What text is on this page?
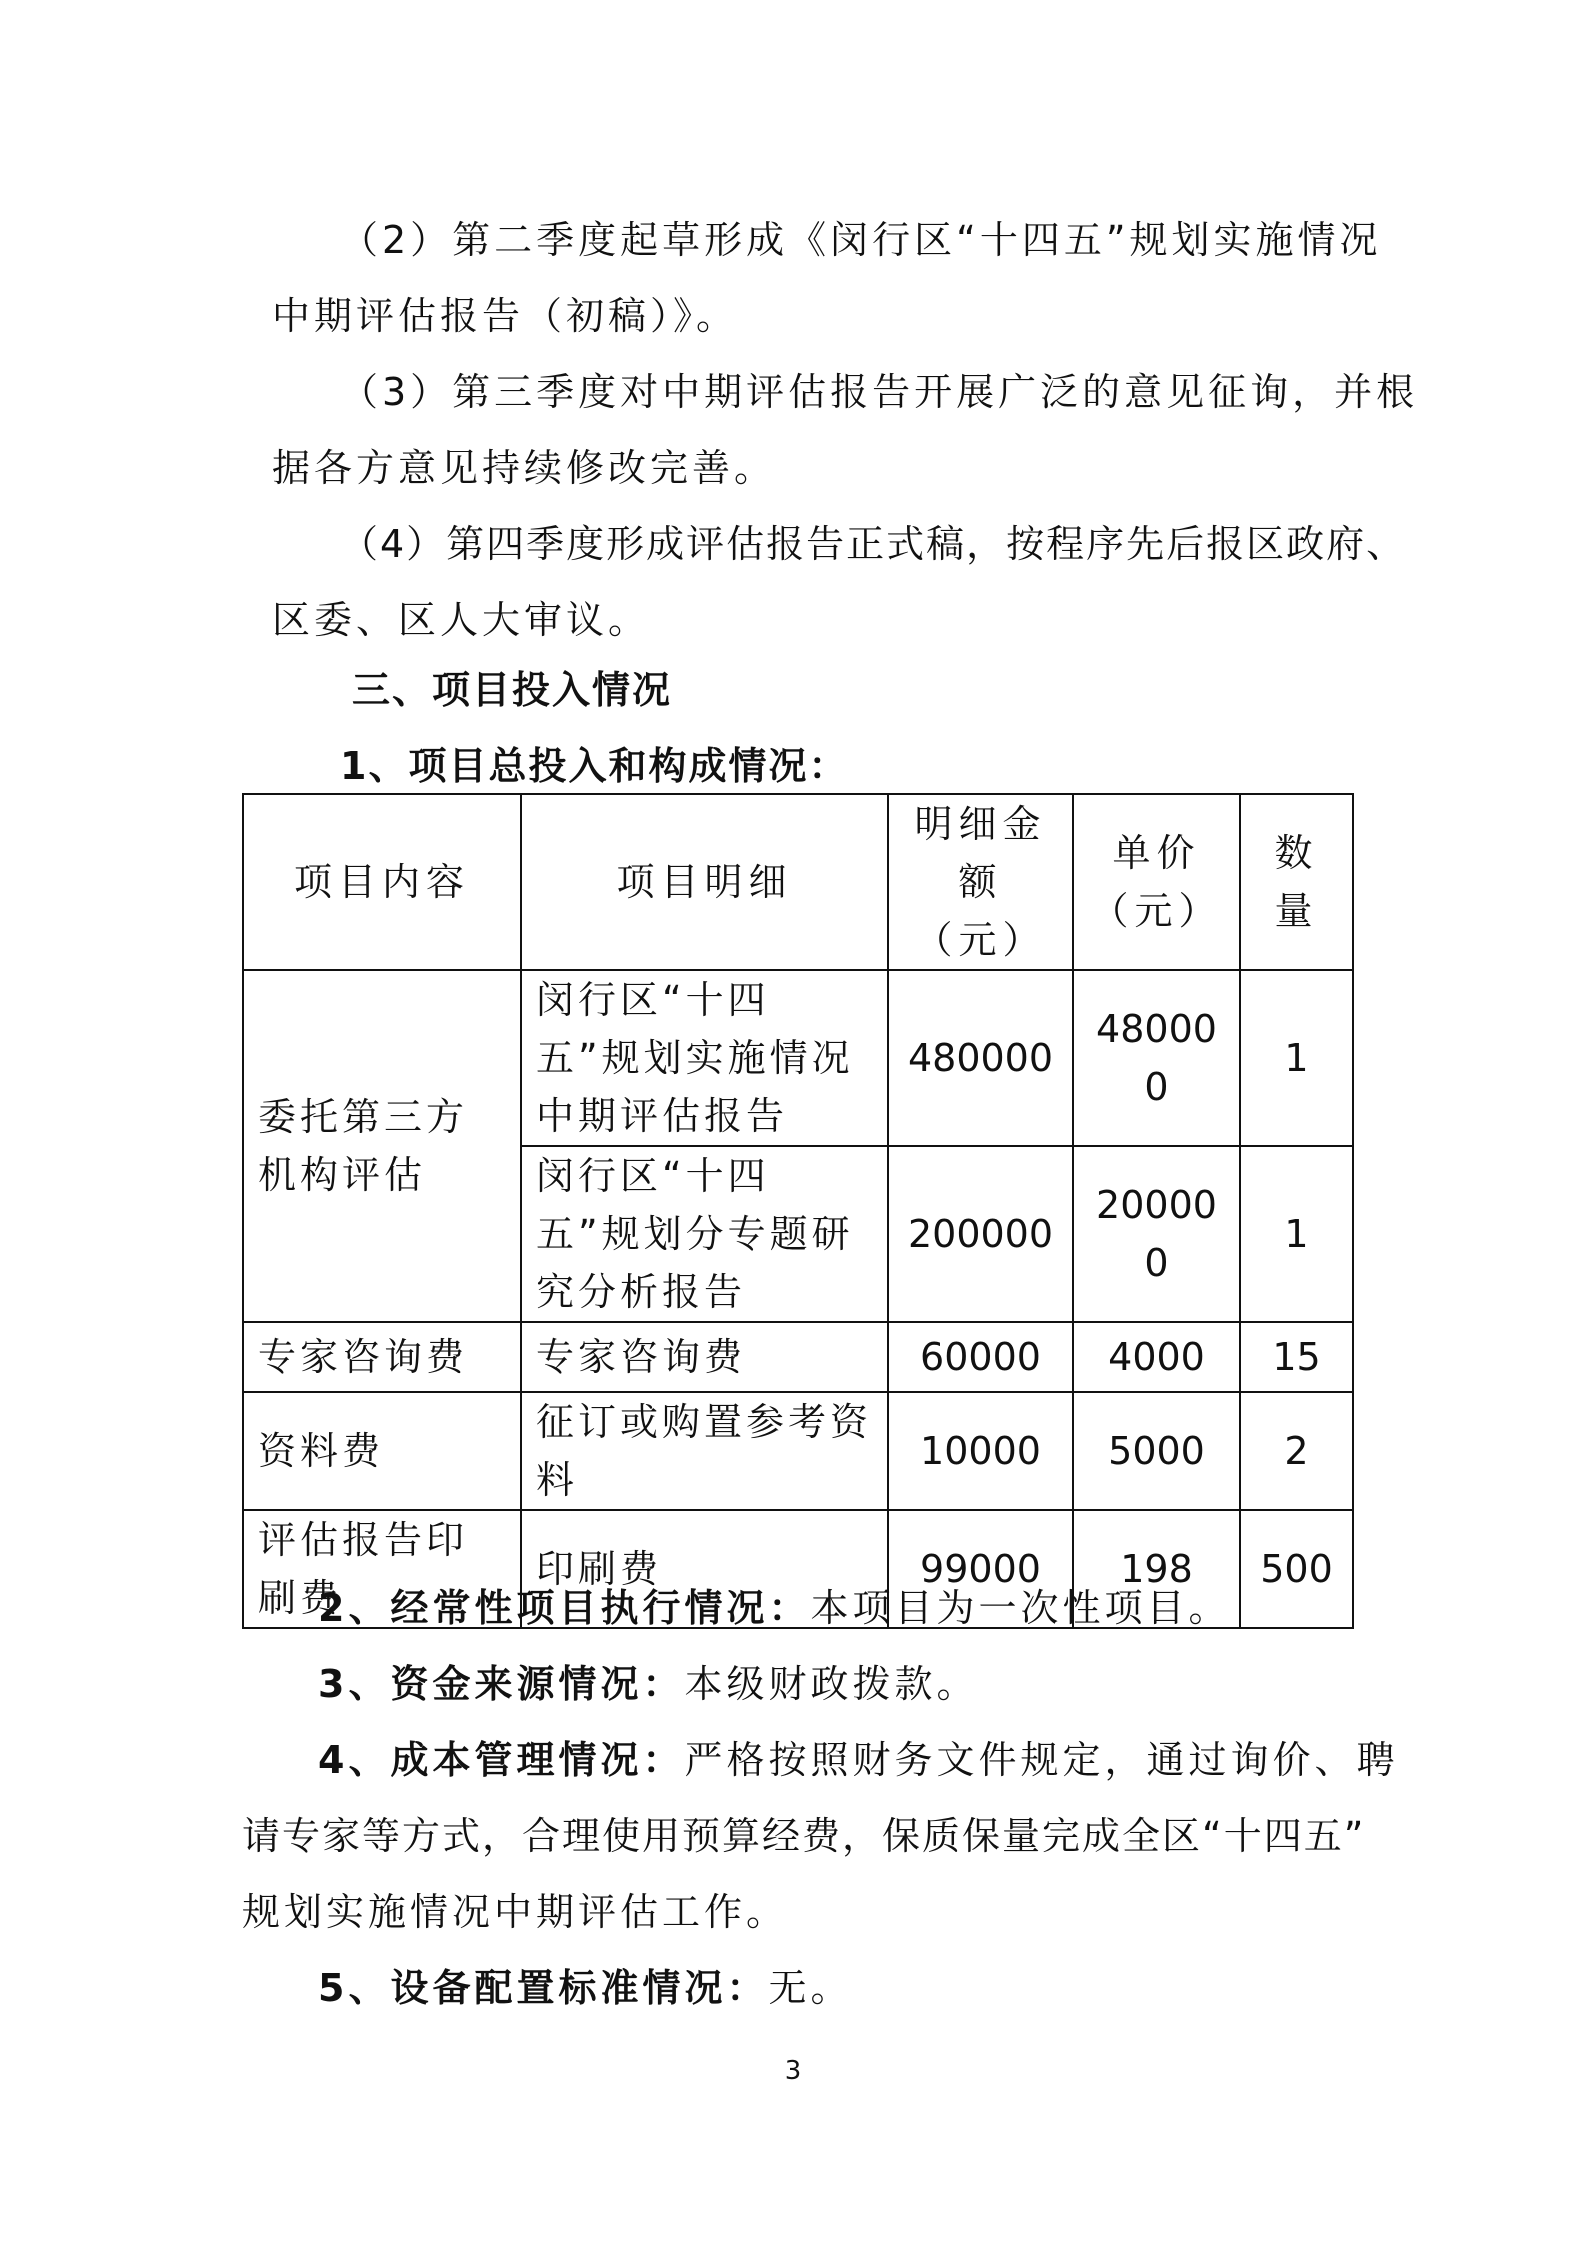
（2）第二季度起草形成《闵行区“十四五”规划实施情况
中期评估报告（初稿）》。
（3）第三季度对中期评估报告开展广泛的意见征询，并根
据各方意见持续修改完善。
（4）第四季度形成评估报告正式稿，按程序先后报区政府、
区委、区人大审议。
三、项目投入情况
1、项目总投入和构成情况：
项目内容	项目明细	明细金额（元）	单价（元）	数量
委托第三方机构评估	闵行区“十四五”规划实施情况中期评估报告	480000	480000	1
	闵行区“十四五”规划分专题研究分析报告	200000	200000	1
专家咨询费	专家咨询费	60000	4000	15
资料费	征订或购置参考资料	10000	5000	2
评估报告印刷费	印刷费	99000	198	500
2、经常性项目执行情况：本项目为一次性项目。
3、资金来源情况：本级财政拨款。
4、成本管理情况：严格按照财务文件规定，通过询价、聘
请专家等方式，合理使用预算经费，保质保量完成全区“十四五”
规划实施情况中期评估工作。
5、设备配置标准情况：无。
3
